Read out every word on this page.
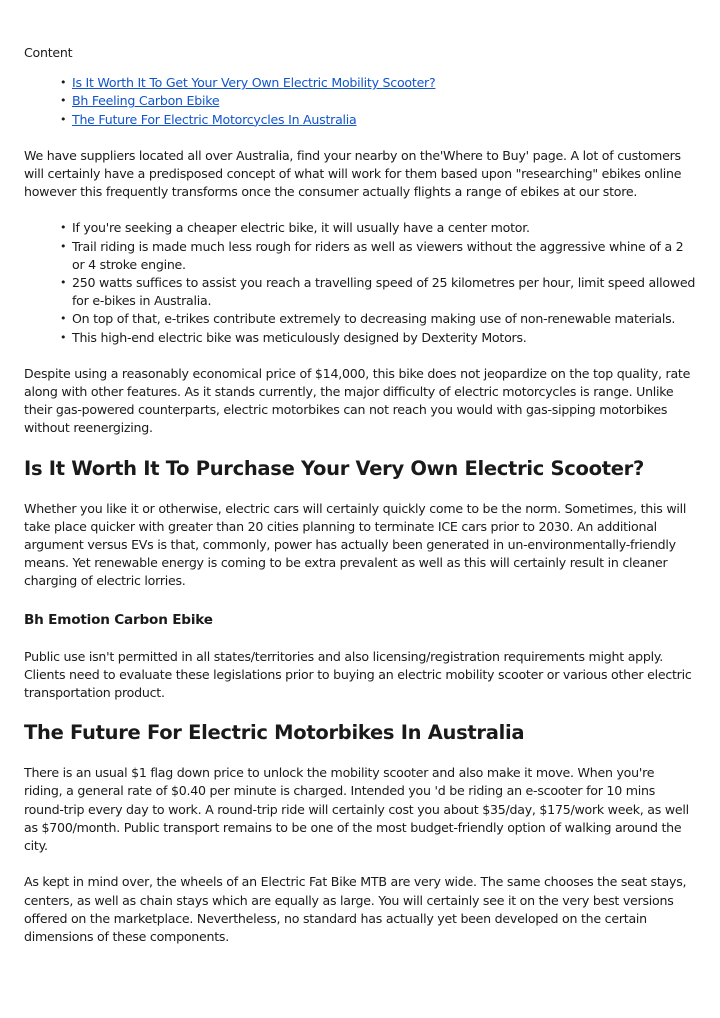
Content

• Is It Worth It To Get Your Very Own Electric Mobility Scooter?
• Bh Feeling Carbon Ebike
• The Future For Electric Motorcycles In Australia

We have suppliers located all over Australia, find your nearby on the'Where to Buy' page. A lot of customers will certainly have a predisposed concept of what will work for them based upon "researching" ebikes online however this frequently transforms once the consumer actually flights a range of ebikes at our store.

• If you're seeking a cheaper electric bike, it will usually have a center motor.
• Trail riding is made much less rough for riders as well as viewers without the aggressive whine of a 2 or 4 stroke engine.
• 250 watts suffices to assist you reach a travelling speed of 25 kilometres per hour, limit speed allowed for e-bikes in Australia.
• On top of that, e-trikes contribute extremely to decreasing making use of non-renewable materials.
• This high-end electric bike was meticulously designed by Dexterity Motors.

Despite using a reasonably economical price of $14,000, this bike does not jeopardize on the top quality, rate along with other features. As it stands currently, the major difficulty of electric motorcycles is range. Unlike their gas-powered counterparts, electric motorbikes can not reach you would with gas-sipping motorbikes without reenergizing.

Is It Worth It To Purchase Your Very Own Electric Scooter?

Whether you like it or otherwise, electric cars will certainly quickly come to be the norm. Sometimes, this will take place quicker with greater than 20 cities planning to terminate ICE cars prior to 2030. An additional argument versus EVs is that, commonly, power has actually been generated in un-environmentally-friendly means. Yet renewable energy is coming to be extra prevalent as well as this will certainly result in cleaner charging of electric lorries.

Bh Emotion Carbon Ebike

Public use isn't permitted in all states/territories and also licensing/registration requirements might apply. Clients need to evaluate these legislations prior to buying an electric mobility scooter or various other electric transportation product.

The Future For Electric Motorbikes In Australia

There is an usual $1 flag down price to unlock the mobility scooter and also make it move. When you're riding, a general rate of $0.40 per minute is charged. Intended you 'd be riding an e-scooter for 10 mins round-trip every day to work. A round-trip ride will certainly cost you about $35/day, $175/work week, as well as $700/month. Public transport remains to be one of the most budget-friendly option of walking around the city.

As kept in mind over, the wheels of an Electric Fat Bike MTB are very wide. The same chooses the seat stays, centers, as well as chain stays which are equally as large. You will certainly see it on the very best versions offered on the marketplace. Nevertheless, no standard has actually yet been developed on the certain dimensions of these components.
